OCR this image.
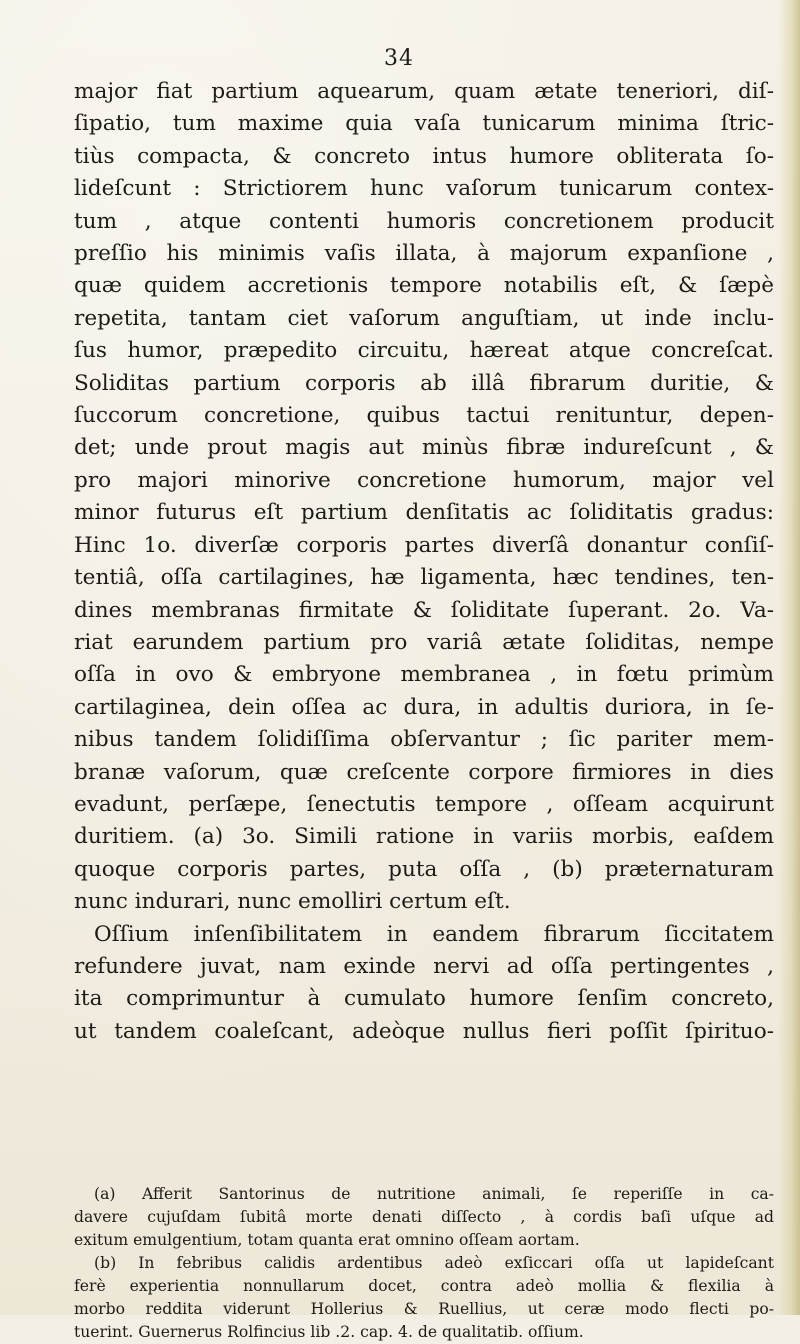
34

major fiat partium aquearum, quam ætate teneriori, diſ-
ſipatio, tum maxime quia vaſa tunicarum minima ſtric-
tiùs compacta, & concreto intus humore obliterata ſo-
lideſcunt : Strictiorem hunc vaſorum tunicarum contex-
tum , atque contenti humoris concretionem producit
preſſio his minimis vaſis illata, à majorum expanſione ,
quæ quidem accretionis tempore notabilis eſt, & ſæpè
repetita, tantam ciet vaſorum anguſtiam, ut inde inclu-
ſus humor, præpedito circuitu, hæreat atque concreſcat.
Soliditas partium corporis ab illâ fibrarum duritie, &
ſuccorum concretione, quibus tactui renituntur, depen-
det; unde prout magis aut minùs fibræ indureſcunt , &
pro majori minorive concretione humorum, major vel
minor futurus eſt partium denſitatis ac ſoliditatis gradus:
Hinc 1o. diverſæ corporis partes diverſâ donantur conſiſ-
tentiâ, oſſa cartilagines, hæ ligamenta, hæc tendines, ten-
dines membranas firmitate & ſoliditate ſuperant. 2o. Va-
riat earundem partium pro variâ ætate ſoliditas, nempe
oſſa in ovo & embryone membranea , in fœtu primùm
cartilaginea, dein oſſea ac dura, in adultis duriora, in ſe-
nibus tandem ſolidiſſima obſervantur ; ſic pariter mem-
branæ vaſorum, quæ creſcente corpore firmiores in dies
evadunt, perſæpe, ſenectutis tempore , oſſeam acquirunt
duritiem. (a) 3o. Simili ratione in variis morbis, eaſdem
quoque corporis partes, puta oſſa , (b) præternaturam
nunc indurari, nunc emolliri certum eſt.
Oſſium inſenſibilitatem in eandem fibrarum ſiccitatem
refundere juvat, nam exinde nervi ad oſſa pertingentes ,
ita comprimuntur à cumulato humore ſenſim concreto,
ut tandem coaleſcant, adeòque nullus fieri poſſit ſpirituo-

(a) Afferit Santorinus de nutritione animali, ſe reperiſſe in ca-
davere cujuſdam ſubitâ morte denati diſſecto , à cordis baſi uſque ad
exitum emulgentium, totam quanta erat omnino oſſeam aortam.
(b) In febribus calidis ardentibus adeò exſiccari oſſa ut lapideſcant
ferè experientia nonnullarum docet, contra adeò mollia & flexilia à
morbo reddita viderunt Hollerius & Ruellius, ut ceræ modo flecti po-
tuerint. Guernerus Rolfincius lib .2. cap. 4. de qualitatib. oſſium.
